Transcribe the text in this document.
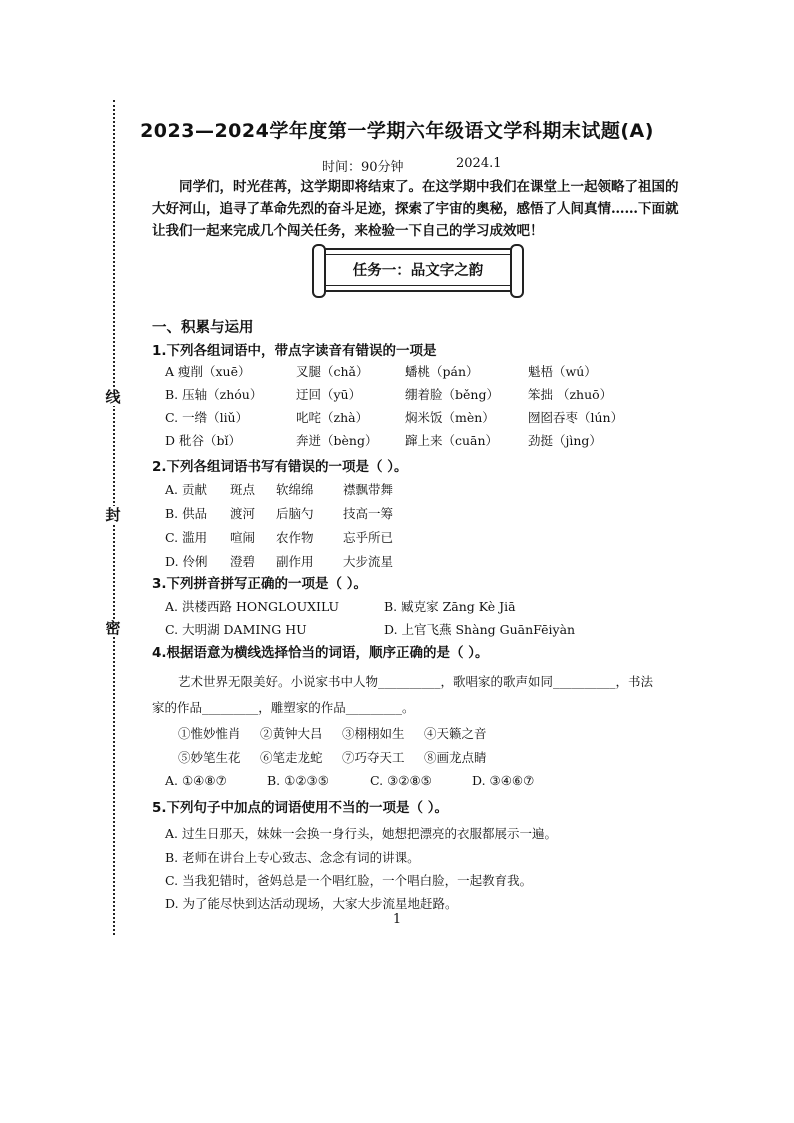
线
封
密
2023—2024学年度第一学期六年级语文学科期末试题(A)
时间：90分钟	2024.1
同学们，时光荏苒，这学期即将结束了。在这学期中我们在课堂上一起领略了祖国的
大好河山，追寻了革命先烈的奋斗足迹，探索了宇宙的奥秘，感悟了人间真情……下面就
让我们一起来完成几个闯关任务，来检验一下自己的学习成效吧！
任务一：品文字之韵
一、积累与运用
1.下列各组词语中，带点字读音有错误的一项是
A 瘦削（xuē）	叉腿（chǎ）	蟠桃（pán）	魁梧（wú）
B. 压轴（zhóu）	迂回（yū）	绷着脸（běng） 笨拙 （zhuō）
C. 一绺（liǔ）	叱咤（zhà）	焖米饭（mèn）	囫囵吞枣（lún）
D 秕谷（bǐ）	奔迸（bèng） 蹿上来（cuān） 劲挺（jìng）
2.下列各组词语书写有错误的一项是（ ）。
A. 贡献 斑点 软绵绵 襟飘带舞
B. 供品 渡河 后脑勺 技高一筹
C. 滥用 喧闹 农作物 忘乎所已
D. 伶俐 澄碧 副作用 大步流星
3.下列拼音拼写正确的一项是（ ）。
A. 洪楼西路 HONGLOUXILU	B. 臧克家 Zāng Kè Jiā
C. 大明湖 DAMING HU	D. 上官飞燕 Shàng GuānFēiyàn
4.根据语意为横线选择恰当的词语，顺序正确的是（ ）。
艺术世界无限美好。小说家书中人物__________，歌唱家的歌声如同__________，书法
家的作品_________，雕塑家的作品_________。
①惟妙惟肖 ②黄钟大吕 ③栩栩如生 ④天籁之音
⑤妙笔生花 ⑥笔走龙蛇 ⑦巧夺天工 ⑧画龙点睛
A. ①④⑧⑦	B. ①②③⑤	C. ③②⑧⑤	D. ③④⑥⑦
5.下列句子中加点的词语使用不当的一项是（ ）。
A. 过生日那天，妹妹一会换一身行头，她想把漂亮的衣服都展示一遍。
B. 老师在讲台上专心致志、念念有词的讲课。
C. 当我犯错时，爸妈总是一个唱红脸，一个唱白脸，一起教育我。
D. 为了能尽快到达活动现场，大家大步流星地赶路。
1
